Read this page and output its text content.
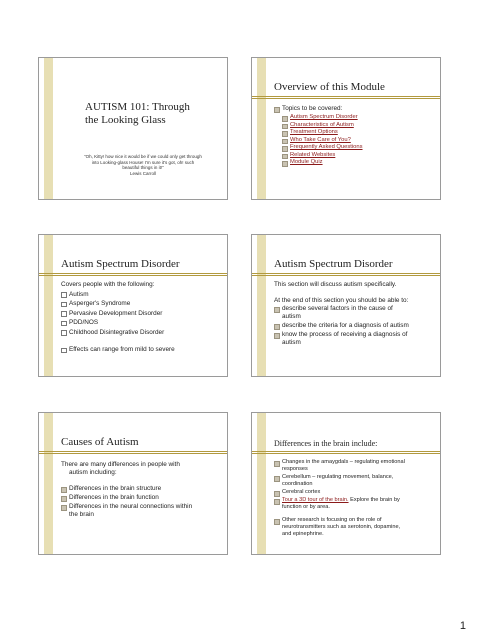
AUTISM 101: Through
the Looking Glass
“Oh, Kitty! how nice it would be if we could only get through
into Looking-glass House! I'm sure it's got, oh! such
beautiful things in it!”
Lewis Carroll
Overview of this Module
Topics to be covered:
Autism Spectrum Disorder
Characteristics of Autism
Treatment Options
Who Take Care of You?
Frequently Asked Questions
Related Websites
Module Quiz
Autism Spectrum Disorder
Covers people with the following:
Autism
Asperger's Syndrome
Pervasive Development Disorder
PDD/NOS
Childhood Disintegrative Disorder
Effects can range from mild to severe
Autism Spectrum Disorder
This section will discuss autism specifically.
At the end of this section you should be able to:
describe several factors in the cause of
autism
describe the criteria for a diagnosis of autism
know the process of receiving a diagnosis of
autism
Causes of Autism
There are many differences in people with
autism including:
Differences in the brain structure
Differences in the brain function
Differences in the neural connections within
the brain
Differences in the brain include:
Changes in the amaygdals – regulating emotional
responses
Cerebellum – regulating movement, balance,
coordination
Cerebral cortex
Tour a 3D tour of the brain. Explore the brain by
function or by area.
Other research is focusing on the role of
neurotransmitters such as serotonin, dopamine,
and epinephrine.
1
